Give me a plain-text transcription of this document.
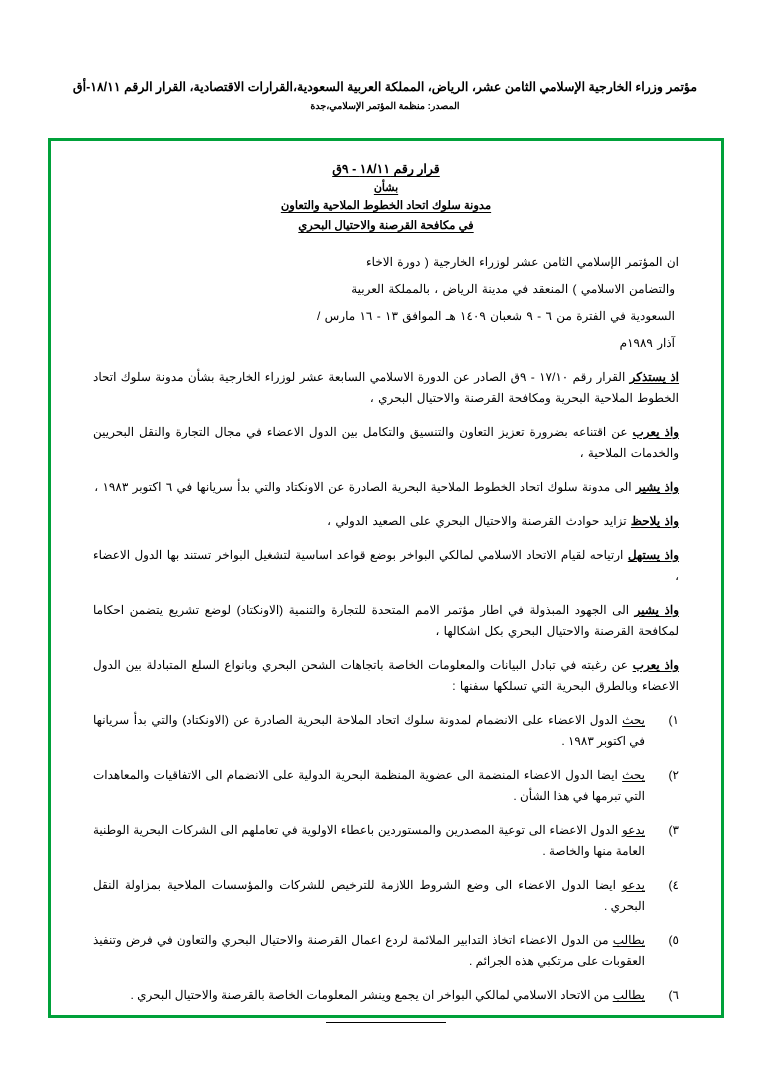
مؤتمر وزراء الخارجية الإسلامي الثامن عشر، الرياض، المملكة العربية السعودية،القرارات الاقتصادية، القرار الرقم ١٨/١١-أق
المصدر: منظمة المؤتمر الإسلامي،جدة
قرار رقم ١٨/١١ - ٩ق
بشأن
مدونة سلوك اتحاد الخطوط الملاحية والتعاون
في مكافحة القرصنة والاحتيال البحري
ان المؤتمر الإسلامي الثامن عشر لوزراء الخارجية ( دورة الاخاء
والتضامن الاسلامي ) المنعقد في مدينة الرياض ، بالمملكة العربية
السعودية في الفترة من ٦ - ٩ شعبان ١٤٠٩ هـ الموافق ١٣ - ١٦ مارس /
آذار ١٩٨٩م
اذ يستذكر القرار رقم ١٧/١٠ - ٩ق الصادر عن الدورة الاسلامي السابعة عشر لوزراء الخارجية بشأن مدونة سلوك اتحاد الخطوط الملاحية البحرية ومكافحة القرصنة والاحتيال البحري ،
واذ يعرب عن اقتناعه بضرورة تعزيز التعاون والتنسيق والتكامل بين الدول الاعضاء في مجال التجارة والنقل البحريين والخدمات الملاحية ،
واذ يشير الى مدونة سلوك اتحاد الخطوط الملاحية البحرية الصادرة عن الاونكتاد والتي بدأ سريانها في ٦ اكتوبر ١٩٨٣ ،
واذ يلاحظ تزايد حوادث القرصنة والاحتيال البحري على الصعيد الدولي ،
واذ يستهل ارتياحه لقيام الاتحاد الاسلامي لمالكي البواخر بوضع قواعد اساسية لتشغيل البواخر تستند بها الدول الاعضاء ،
واذ يشير الى الجهود المبذولة في اطار مؤتمر الامم المتحدة للتجارة والتنمية (الاونكتاد) لوضع تشريع يتضمن احكاما لمكافحة القرصنة والاحتيال البحري بكل اشكالها ،
واذ يعرب عن رغبته في تبادل البيانات والمعلومات الخاصة باتجاهات الشحن البحري وبانواع السلع المتبادلة بين الدول الاعضاء وبالطرق البحرية التي تسلكها سفنها :
١)
يحث الدول الاعضاء على الانضمام لمدونة سلوك اتحاد الملاحة البحرية الصادرة عن (الاونكتاد) والتي بدأ سريانها في اكتوبر ١٩٨٣ .
٢)
يحث ايضا الدول الاعضاء المنضمة الى عضوية المنظمة البحرية الدولية على الانضمام الى الاتفاقيات والمعاهدات التي تبرمها في هذا الشأن .
٣)
يدعو الدول الاعضاء الى توعية المصدرين والمستوردين باعطاء الاولوية في تعاملهم الى الشركات البحرية الوطنية العامة منها والخاصة .
٤)
يدعو ايضا الدول الاعضاء الى وضع الشروط اللازمة للترخيص للشركات والمؤسسات الملاحية بمزاولة النقل البحري .
٥)
يطالب من الدول الاعضاء اتخاذ التدابير الملائمة لردع اعمال القرصنة والاحتيال البحري والتعاون في فرض وتنفيذ العقوبات على مرتكبي هذه الجرائم .
٦)
يطالب من الاتحاد الاسلامي لمالكي البواخر ان يجمع وينشر المعلومات الخاصة بالقرصنة والاحتيال البحري .
